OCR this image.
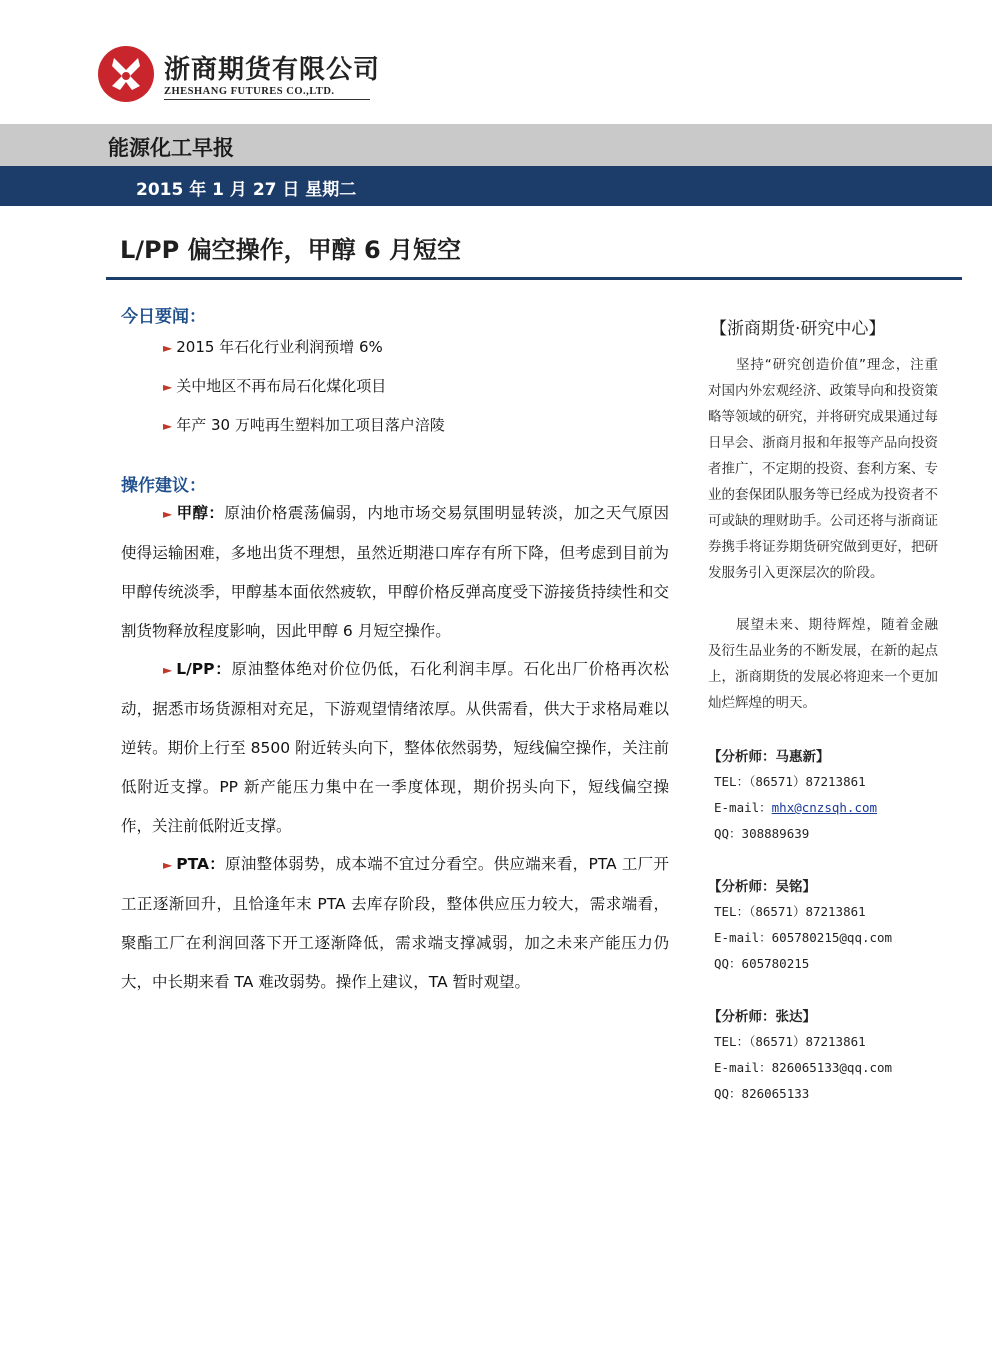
浙商期货有限公司
ZHESHANG FUTURES CO.,LTD.
能源化工早报
2015 年 1 月 27 日 星期二
L/PP 偏空操作，甲醇 6 月短空
今日要闻：
► 2015 年石化行业利润预增 6%
► 关中地区不再布局石化煤化项目
► 年产 30 万吨再生塑料加工项目落户涪陵
操作建议：

► 甲醇：原油价格震荡偏弱，内地市场交易氛围明显转淡，加之天气原因使得运输困难，多地出货不理想，虽然近期港口库存有所下降，但考虑到目前为甲醇传统淡季，甲醇基本面依然疲软，甲醇价格反弹高度受下游接货持续性和交割货物释放程度影响，因此甲醇 6 月短空操作。

► L/PP：原油整体绝对价位仍低，石化利润丰厚。石化出厂价格再次松动，据悉市场货源相对充足，下游观望情绪浓厚。从供需看，供大于求格局难以逆转。期价上行至 8500 附近转头向下，整体依然弱势，短线偏空操作，关注前低附近支撑。PP 新产能压力集中在一季度体现，期价拐头向下，短线偏空操作，关注前低附近支撑。

► PTA：原油整体弱势，成本端不宜过分看空。供应端来看，PTA 工厂开工正逐渐回升，且恰逢年末 PTA 去库存阶段，整体供应压力较大，需求端看，聚酯工厂在利润回落下开工逐渐降低，需求端支撑减弱，加之未来产能压力仍大，中长期来看 TA 难改弱势。操作上建议，TA 暂时观望。

【浙商期货·研究中心】

坚持“研究创造价值”理念，注重对国内外宏观经济、政策导向和投资策略等领域的研究，并将研究成果通过每日早会、浙商月报和年报等产品向投资者推广，不定期的投资、套利方案、专业的套保团队服务等已经成为投资者不可或缺的理财助手。公司还将与浙商证券携手将证券期货研究做到更好，把研发服务引入更深层次的阶段。

展望未来、期待辉煌，随着金融及衍生品业务的不断发展，在新的起点上，浙商期货的发展必将迎来一个更加灿烂辉煌的明天。

【分析师：马惠新】
TEL：（86571）87213861
E-mail：mhx@cnzsqh.com
QQ：308889639
【分析师：吴铭】
TEL：（86571）87213861
E-mail：605780215@qq.com
QQ：605780215
【分析师：张达】
TEL：（86571）87213861
E-mail：826065133@qq.com
QQ：826065133
